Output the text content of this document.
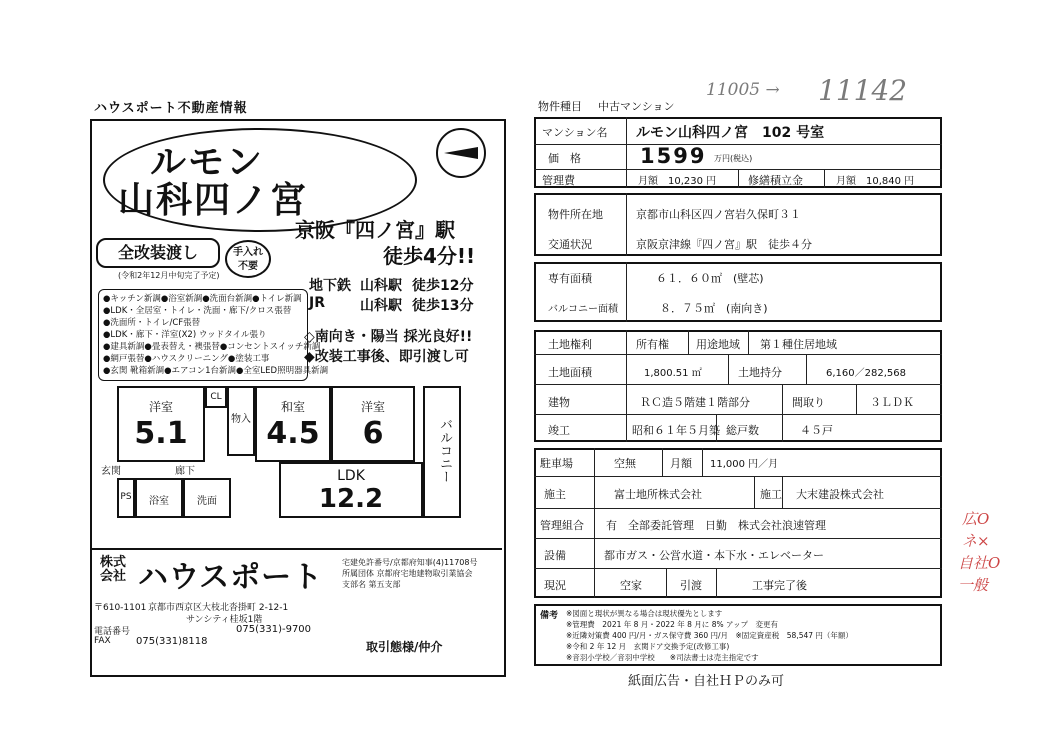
11005 → 11142
広O
ネ×
自社O
一般
ハウスポート不動産情報
ルモン
山科四ノ宮
京阪『四ノ宮』駅
徒歩4分!!
全改装渡し
(令和2年12月中旬完了予定)
手入れ 不要
地下鉄 山科駅 徒歩12分
JR	山科駅 徒歩13分
●キッチン新調●浴室新調●洗面台新調●トイレ新調
●LDK・全居室・トイレ・洗面・廊下/クロス張替
●洗面所・トイレ/CF張替
●LDK・廊下・洋室(X2) ウッドタイル張り
●建具新調●畳表替え・襖張替●コンセントスイッチ新調
●網戸張替●ハウスクリーニング●塗装工事
●玄関 靴箱新調●エアコン1台新調●全室LED照明器具新調
◇南向き・陽当 採光良好!!
◆改装工事後、即引渡し可
洋室
5.1
CL
物入
和室
4.5
洋室
6	バルコニー
玄関	廊下
PS	浴室	洗面
LDK
12.2
株式会社 ハウスポート 宅建免許番号/京都府知事(4)11708号
所属団体 京都府宅地建物取引業協会
支部名 第五支部
〒610-1101 京都市西京区大枝北沓掛町 2-12-1
サンシティ桂坂1階
電話番号	075(331)-9700
FAX	075(331)8118	取引態様/仲介
物件種目 中古マンション
マンション名 ルモン山科四ノ宮　102 号室
価　格	1599 万円(税込)
管理費	月額　10,230 円	修繕積立金	月額　10,840 円
物件所在地	京都市山科区四ノ宮岩久保町３１
交通状況	京阪京津線『四ノ宮』駅　徒歩４分
専有面積	６１．６０㎡　(壁芯)
バルコニー面積	８．７５㎡　(南向き)
土地権利	所有権 用途地域 第１種住居地域
土地面積	1,800.51 ㎡	土地持分	6,160／282,568
建物	ＲＣ造５階建１階部分	間取り	３ＬＤＫ
竣工	昭和６１年５月築 総戸数	４５戸
駐車場	空無	月額 11,000 円／月
施主	富士地所株式会社	施工 大末建設株式会社
管理組合 有　全部委託管理　日勤　株式会社浪速管理
設備	都市ガス・公営水道・本下水・エレベーター
現況	空家	引渡	工事完了後
備考 ※図面と現状が異なる場合は現状優先とします
※管理費　2021 年 8 月・2022 年 8 月に 8% アップ　変更有
※近隣対策費 400 円/月・ガス保守費 360 円/月　※固定資産税　58,547 円（年額）
※令和 2 年 12 月　玄関ドア交換予定(改修工事)
※音羽小学校／音羽中学校　　※司法書士は売主指定です
紙面広告・自社ＨＰのみ可
